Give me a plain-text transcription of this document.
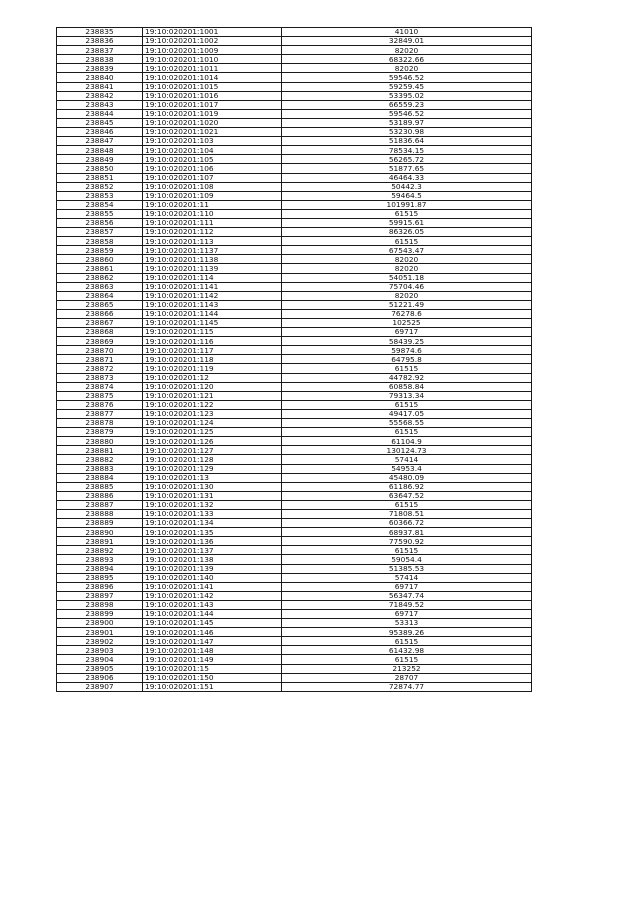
238835	19:10:020201:1001	41010
238836	19:10:020201:1002	32849.01
238837	19:10:020201:1009	82020
238838	19:10:020201:1010	68322.66
238839	19:10:020201:1011	82020
238840	19:10:020201:1014	59546.52
238841	19:10:020201:1015	59259.45
238842	19:10:020201:1016	53395.02
238843	19:10:020201:1017	66559.23
238844	19:10:020201:1019	59546.52
238845	19:10:020201:1020	53189.97
238846	19:10:020201:1021	53230.98
238847	19:10:020201:103	51836.64
238848	19:10:020201:104	78534.15
238849	19:10:020201:105	56265.72
238850	19:10:020201:106	51877.65
238851	19:10:020201:107	46464.33
238852	19:10:020201:108	50442.3
238853	19:10:020201:109	59464.5
238854	19:10:020201:11	101991.87
238855	19:10:020201:110	61515
238856	19:10:020201:111	59915.61
238857	19:10:020201:112	86326.05
238858	19:10:020201:113	61515
238859	19:10:020201:1137	67543.47
238860	19:10:020201:1138	82020
238861	19:10:020201:1139	82020
238862	19:10:020201:114	54051.18
238863	19:10:020201:1141	75704.46
238864	19:10:020201:1142	82020
238865	19:10:020201:1143	51221.49
238866	19:10:020201:1144	76278.6
238867	19:10:020201:1145	102525
238868	19:10:020201:115	69717
238869	19:10:020201:116	58439.25
238870	19:10:020201:117	59874.6
238871	19:10:020201:118	64795.8
238872	19:10:020201:119	61515
238873	19:10:020201:12	44782.92
238874	19:10:020201:120	60858.84
238875	19:10:020201:121	79313.34
238876	19:10:020201:122	61515
238877	19:10:020201:123	49417.05
238878	19:10:020201:124	55568.55
238879	19:10:020201:125	61515
238880	19:10:020201:126	61104.9
238881	19:10:020201:127	130124.73
238882	19:10:020201:128	57414
238883	19:10:020201:129	54953.4
238884	19:10:020201:13	45480.09
238885	19:10:020201:130	61186.92
238886	19:10:020201:131	63647.52
238887	19:10:020201:132	61515
238888	19:10:020201:133	71808.51
238889	19:10:020201:134	60366.72
238890	19:10:020201:135	68937.81
238891	19:10:020201:136	77590.92
238892	19:10:020201:137	61515
238893	19:10:020201:138	59054.4
238894	19:10:020201:139	51385.53
238895	19:10:020201:140	57414
238896	19:10:020201:141	69717
238897	19:10:020201:142	56347.74
238898	19:10:020201:143	71849.52
238899	19:10:020201:144	69717
238900	19:10:020201:145	53313
238901	19:10:020201:146	95389.26
238902	19:10:020201:147	61515
238903	19:10:020201:148	61432.98
238904	19:10:020201:149	61515
238905	19:10:020201:15	213252
238906	19:10:020201:150	28707
238907	19:10:020201:151	72874.77
